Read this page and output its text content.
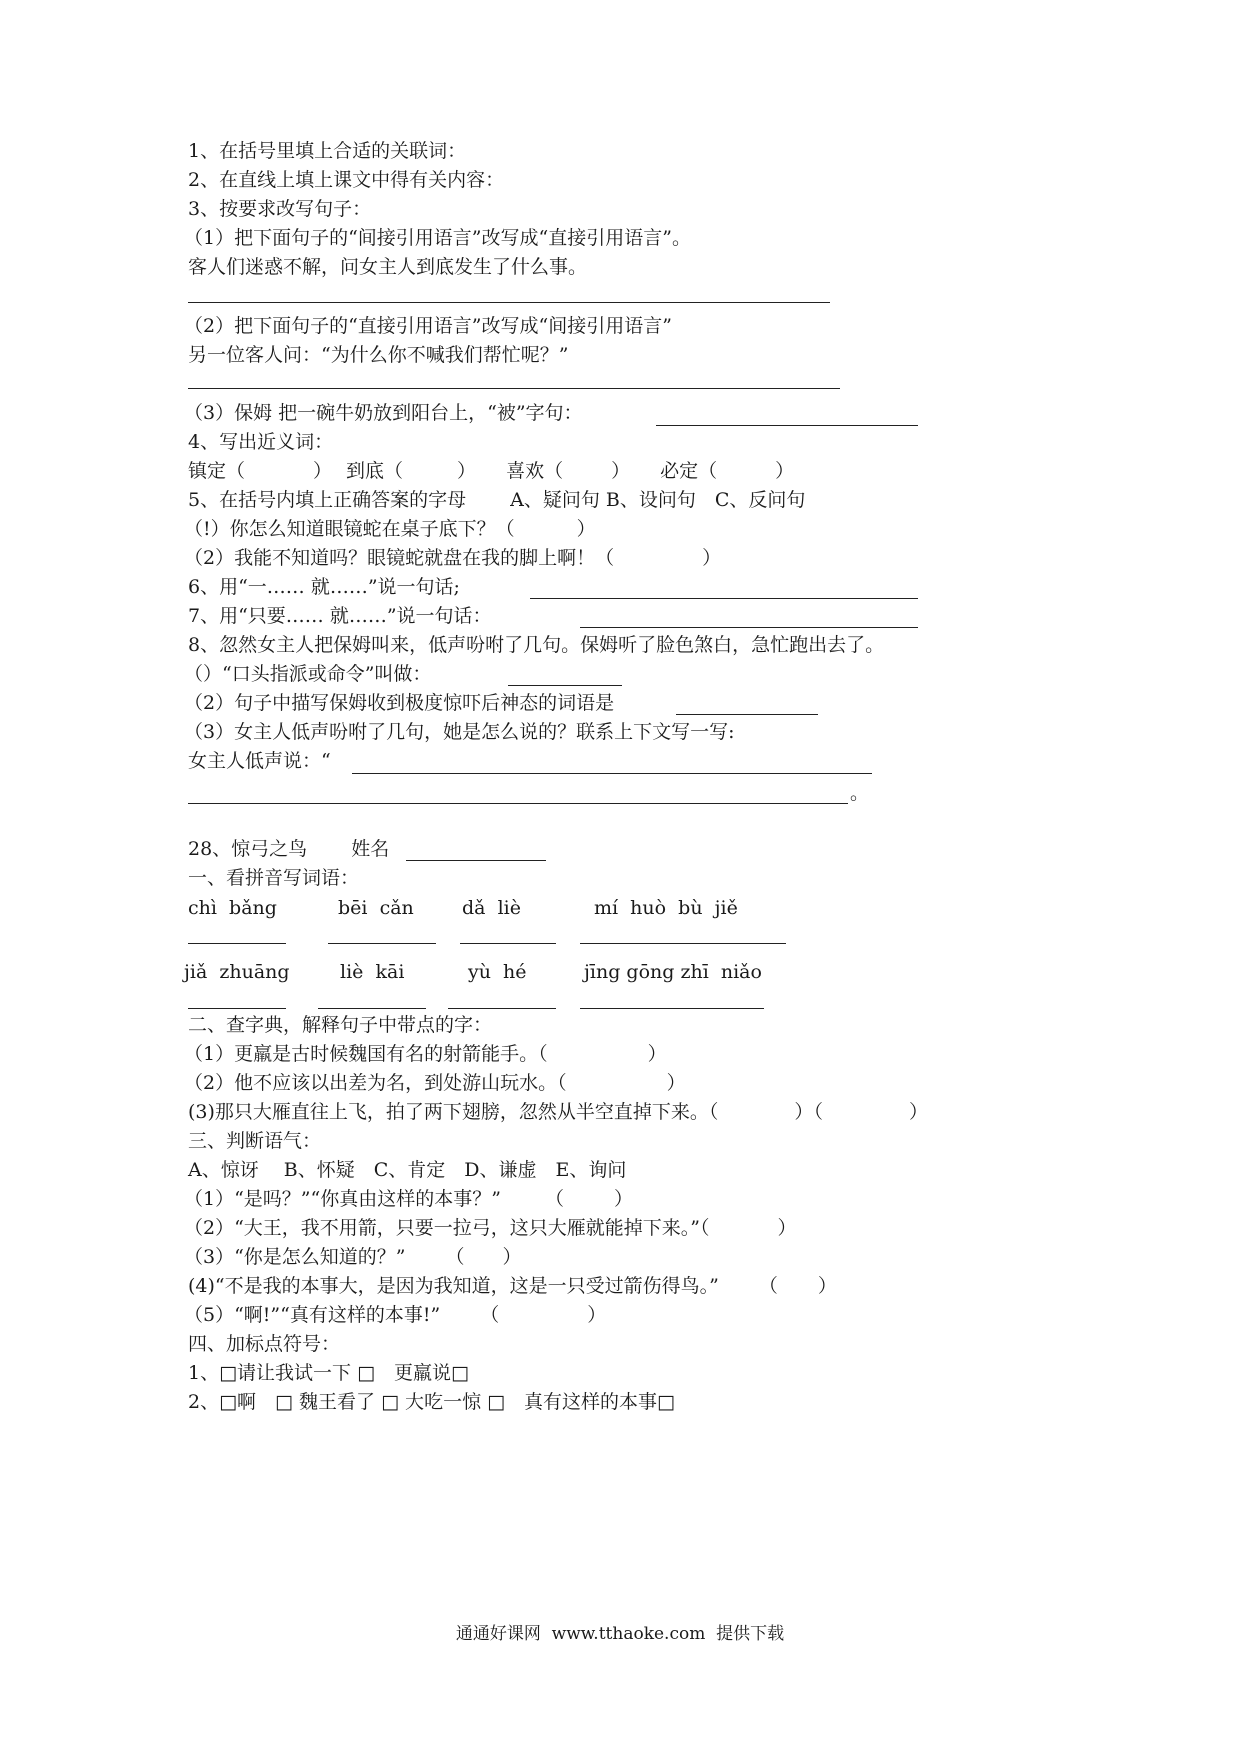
1、在括号里填上合适的关联词：
2、在直线上填上课文中得有关内容：
3、按要求改写句子：
（1）把下面句子的“间接引用语言”改写成“直接引用语言”。
客人们迷惑不解，问女主人到底发生了什么事。
（2）把下面句子的“直接引用语言”改写成“间接引用语言”
另一位客人问：“为什么你不喊我们帮忙呢？”
（3）保姆 把一碗牛奶放到阳台上，“被”字句：
4、写出近义词：
镇定（	） 到底（	） 喜欢（	） 必定（	）
5、在括号内填上正确答案的字母 A、疑问句 B、设问句　C、反问句
（!）你怎么知道眼镜蛇在桌子底下？（	）
（2）我能不知道吗？眼镜蛇就盘在我的脚上啊！（	）
6、用“一…… 就……”说一句话;
7、用“只要…… 就……”说一句话：
8、忽然女主人把保姆叫来，低声吩咐了几句。保姆听了脸色煞白，急忙跑出去了。
（）“口头指派或命令”叫做：
（2）句子中描写保姆收到极度惊吓后神态的词语是
（3）女主人低声吩咐了几句，她是怎么说的？联系上下文写一写:
女主人低声说：“
。
28、惊弓之鸟 姓名
一、看拼音写词语：
chì  bǎng	bēi  cǎn	dǎ  liè	mí  huò  bù  jiě
jiǎ  zhuāng	liè  kāi	yù  hé	jīng gōng zhī  niǎo
二、查字典，解释句子中带点的字：
（1）更羸是古时候魏国有名的射箭能手。（	）
（2）他不应该以出差为名，到处游山玩水。（	）
(3)那只大雁直往上飞，拍了两下翅膀，忽然从半空直掉下来。（	）（	）
三、判断语气：
A、惊讶　 B、怀疑　C、肯定　D、谦虚　E、询问
（1）“是吗？”“你真由这样的本事？” （	）
（2）“大王，我不用箭，只要一拉弓，这只大雁就能掉下来。”（	）
（3）“你是怎么知道的？” （ ）
(4)“不是我的本事大，是因为我知道，这是一只受过箭伤得鸟。” （ ）
（5）“啊!”“真有这样的本事!” （	）
四、加标点符号：
1、□请让我试一下 □　更羸说□
2、□啊　□ 魏王看了 □ 大吃一惊 □　真有这样的本事□
通通好课网  www.tthaoke.com  提供下载
